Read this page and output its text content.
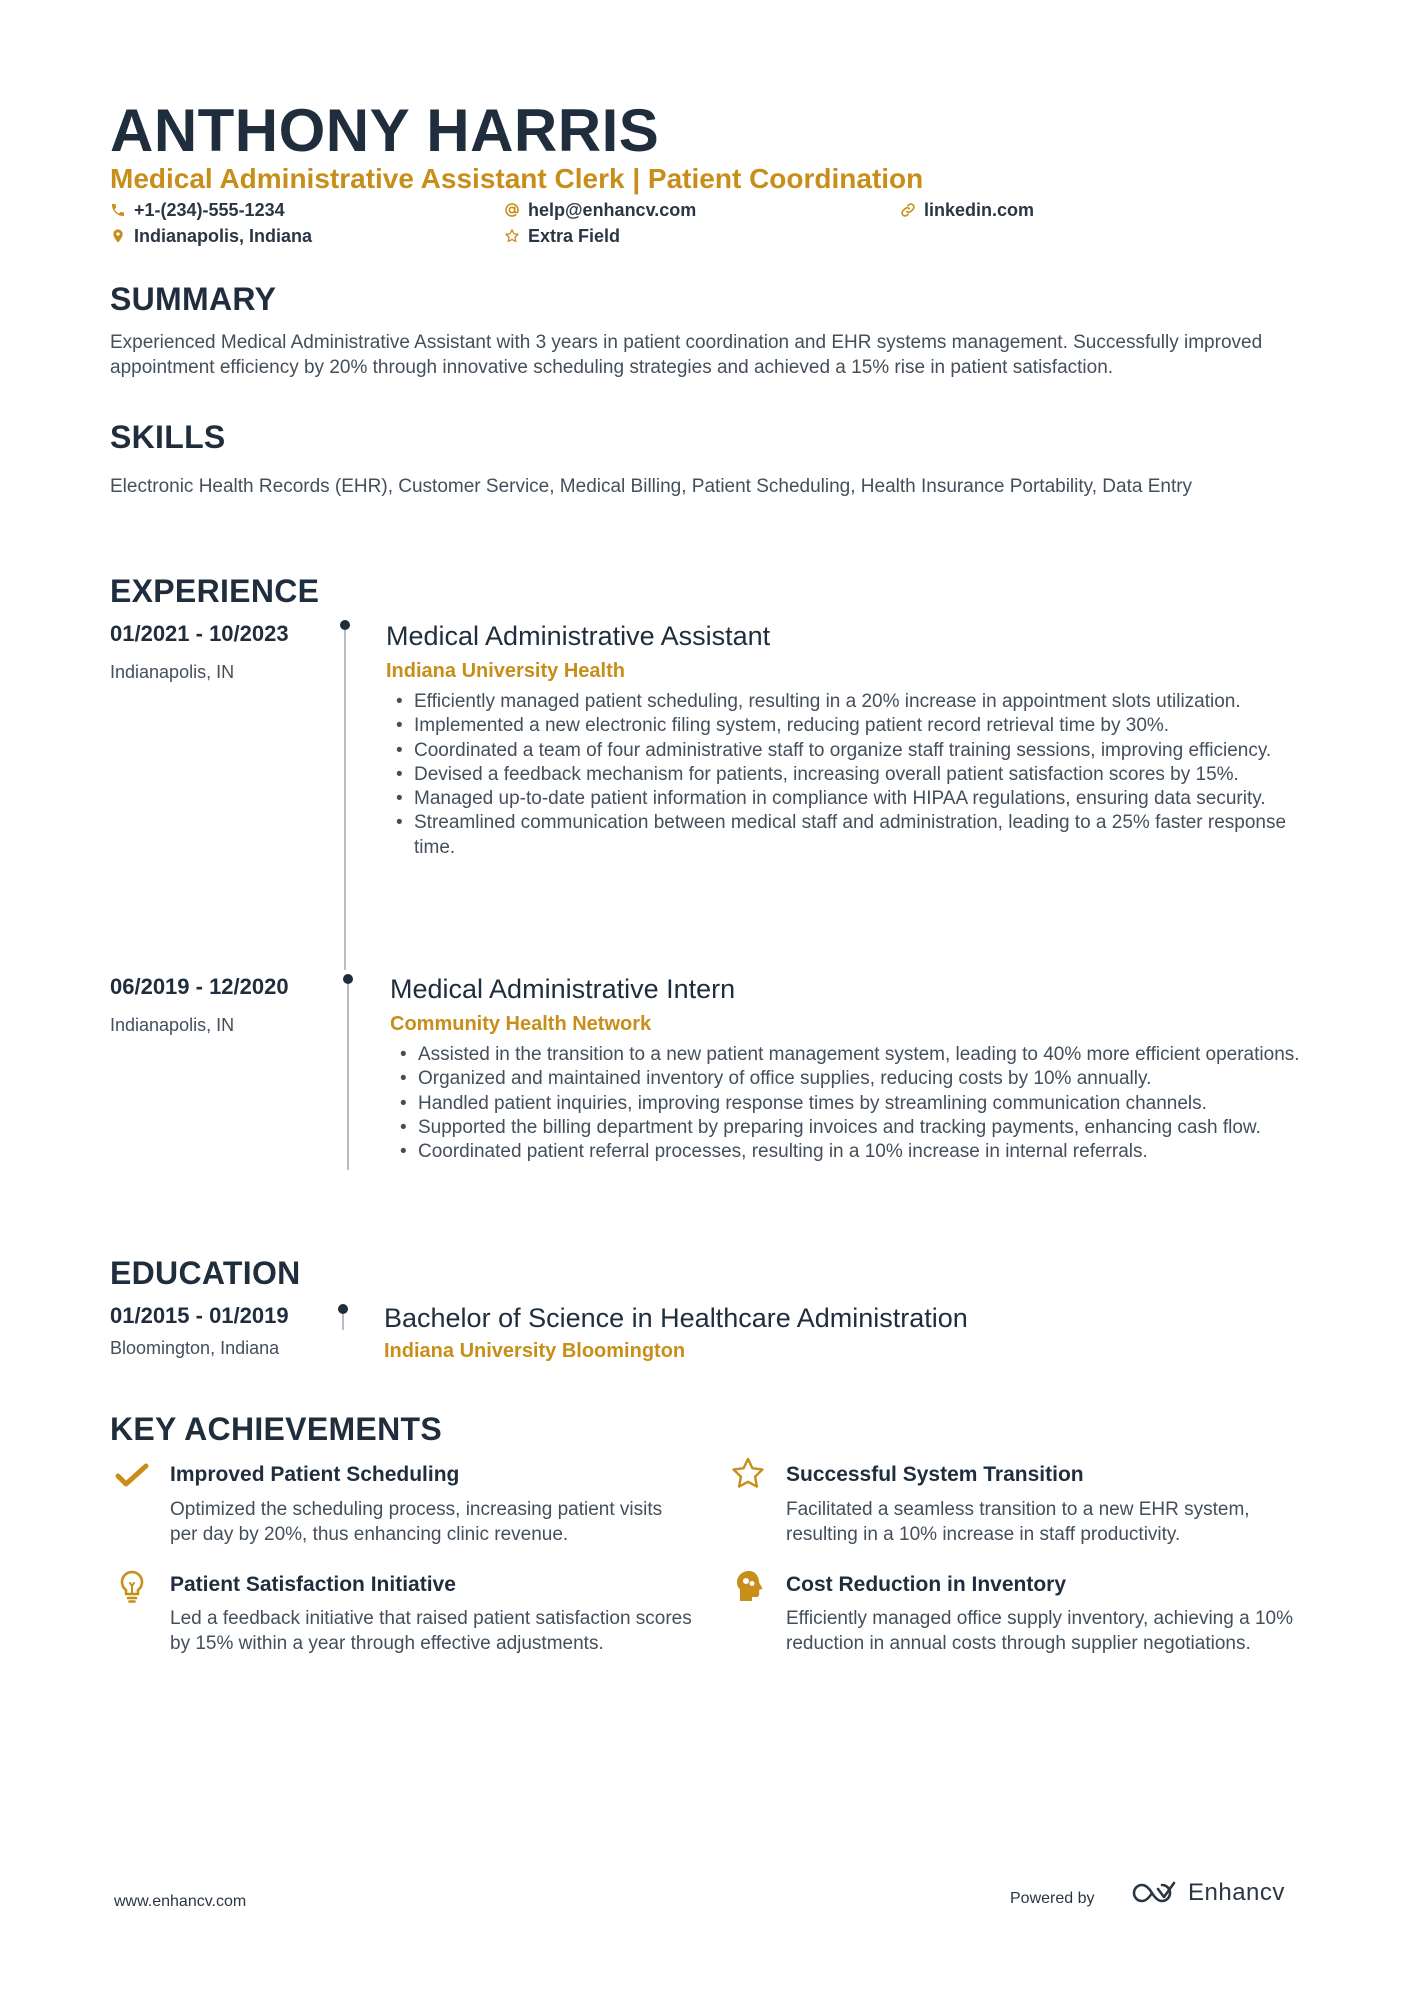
ANTHONY HARRIS
Medical Administrative Assistant Clerk | Patient Coordination
+1-(234)-555-1234	help@enhancv.com	linkedin.com
Indianapolis, Indiana	Extra Field
SUMMARY
Experienced Medical Administrative Assistant with 3 years in patient coordination and EHR systems management. Successfully improved appointment efficiency by 20% through innovative scheduling strategies and achieved a 15% rise in patient satisfaction.
SKILLS
Electronic Health Records (EHR), Customer Service, Medical Billing, Patient Scheduling, Health Insurance Portability, Data Entry
EXPERIENCE
01/2021 - 10/2023
Indianapolis, IN
Medical Administrative Assistant
Indiana University Health
• Efficiently managed patient scheduling, resulting in a 20% increase in appointment slots utilization.
• Implemented a new electronic filing system, reducing patient record retrieval time by 30%.
• Coordinated a team of four administrative staff to organize staff training sessions, improving efficiency.
• Devised a feedback mechanism for patients, increasing overall patient satisfaction scores by 15%.
• Managed up-to-date patient information in compliance with HIPAA regulations, ensuring data security.
• Streamlined communication between medical staff and administration, leading to a 25% faster response time.
06/2019 - 12/2020
Indianapolis, IN
Medical Administrative Intern
Community Health Network
• Assisted in the transition to a new patient management system, leading to 40% more efficient operations.
• Organized and maintained inventory of office supplies, reducing costs by 10% annually.
• Handled patient inquiries, improving response times by streamlining communication channels.
• Supported the billing department by preparing invoices and tracking payments, enhancing cash flow.
• Coordinated patient referral processes, resulting in a 10% increase in internal referrals.
EDUCATION
01/2015 - 01/2019
Bloomington, Indiana
Bachelor of Science in Healthcare Administration
Indiana University Bloomington
KEY ACHIEVEMENTS
Improved Patient Scheduling
Optimized the scheduling process, increasing patient visits per day by 20%, thus enhancing clinic revenue.
Successful System Transition
Facilitated a seamless transition to a new EHR system, resulting in a 10% increase in staff productivity.
Patient Satisfaction Initiative
Led a feedback initiative that raised patient satisfaction scores by 15% within a year through effective adjustments.
Cost Reduction in Inventory
Efficiently managed office supply inventory, achieving a 10% reduction in annual costs through supplier negotiations.
www.enhancv.com	Powered by	Enhancv
